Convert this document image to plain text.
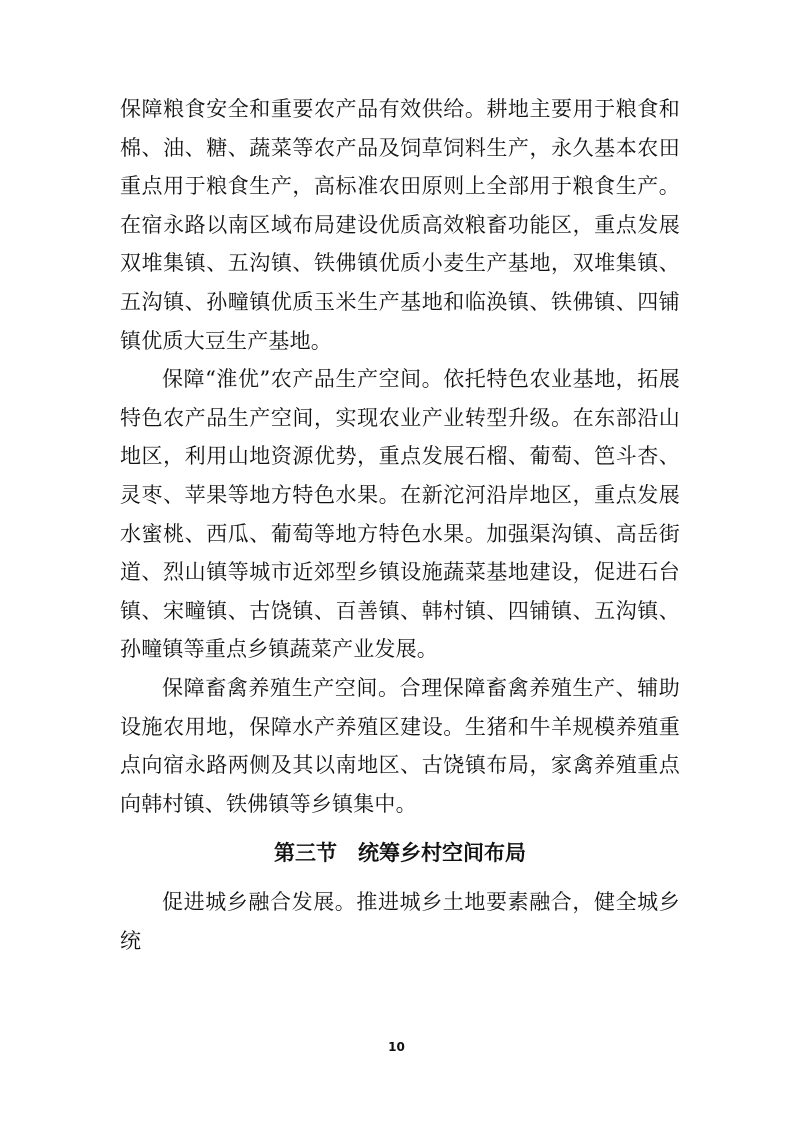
保障粮食安全和重要农产品有效供给。耕地主要用于粮食和棉、油、糖、蔬菜等农产品及饲草饲料生产，永久基本农田重点用于粮食生产，高标准农田原则上全部用于粮食生产。在宿永路以南区域布局建设优质高效粮畜功能区，重点发展双堆集镇、五沟镇、铁佛镇优质小麦生产基地，双堆集镇、五沟镇、孙疃镇优质玉米生产基地和临涣镇、铁佛镇、四铺镇优质大豆生产基地。

保障“淮优”农产品生产空间。依托特色农业基地，拓展特色农产品生产空间，实现农业产业转型升级。在东部沿山地区，利用山地资源优势，重点发展石榴、葡萄、笆斗杏、灵枣、苹果等地方特色水果。在新沱河沿岸地区，重点发展水蜜桃、西瓜、葡萄等地方特色水果。加强渠沟镇、高岳街道、烈山镇等城市近郊型乡镇设施蔬菜基地建设，促进石台镇、宋疃镇、古饶镇、百善镇、韩村镇、四铺镇、五沟镇、孙疃镇等重点乡镇蔬菜产业发展。

保障畜禽养殖生产空间。合理保障畜禽养殖生产、辅助设施农用地，保障水产养殖区建设。生猪和牛羊规模养殖重点向宿永路两侧及其以南地区、古饶镇布局，家禽养殖重点向韩村镇、铁佛镇等乡镇集中。

第三节　统筹乡村空间布局

促进城乡融合发展。推进城乡土地要素融合，健全城乡统

10
